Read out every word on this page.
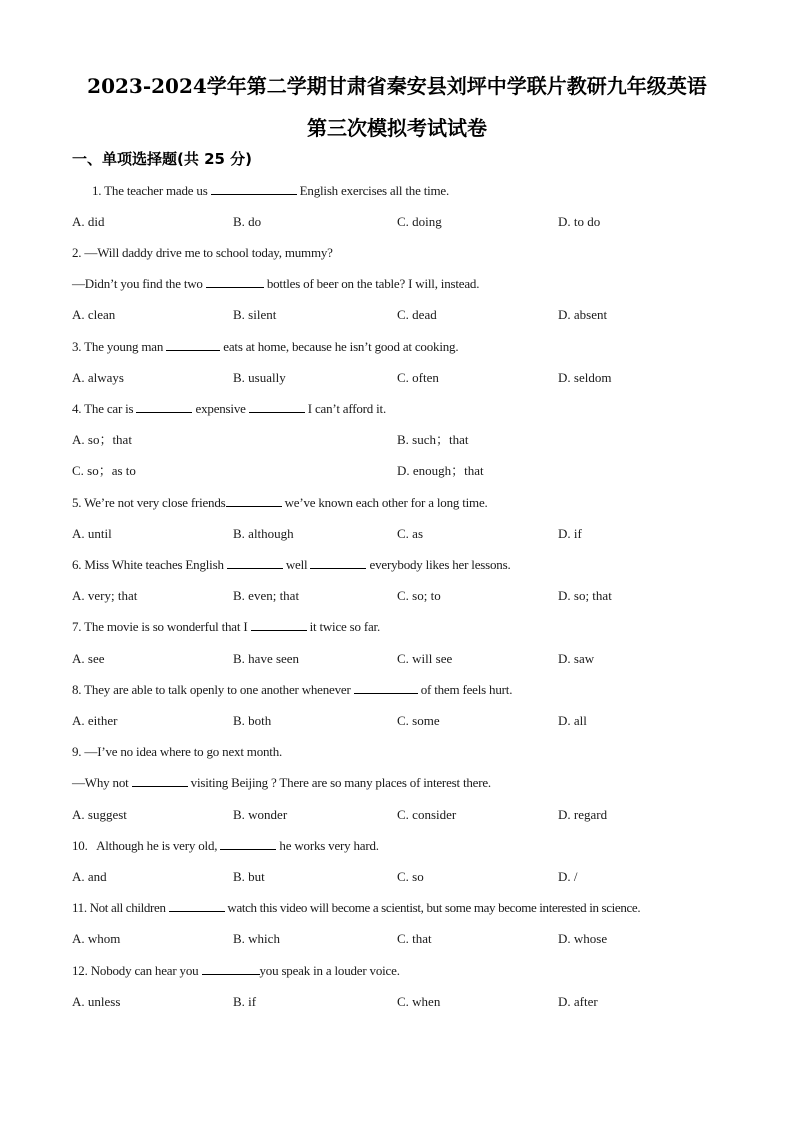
2023-2024学年第二学期甘肃省秦安县刘坪中学联片教研九年级英语
第三次模拟考试试卷
一、单项选择题(共 25 分)
1. The teacher made us	English exercises all the time.
A. did	B. do	C. doing	D. to do
2. —Will daddy drive me to school today, mummy?
—Didn’t you find the two	bottles of beer on the table? I will, instead.
A. clean	B. silent	C. dead	D. absent
3. The young man	eats at home, because he isn’t good at cooking.
A. always	B. usually	C. often	D. seldom
4. The car is	expensive	I can’t afford it.
A. so；that	B. such；that
C. so；as to	D. enough；that
5. We’re not very close friends	we’ve known each other for a long time.
A. until	B. although	C. as	D. if
6. Miss White teaches English	well	everybody likes her lessons.
A. very; that	B. even; that	C. so; to	D. so; that
7. The movie is so wonderful that I	it twice so far.
A. see	B. have seen	C. will see	D. saw
8. They are able to talk openly to one another whenever	of them feels hurt.
A. either	B. both	C. some	D. all
9. —I’ve no idea where to go next month.
—Why not	visiting Beijing ? There are so many places of interest there.
A. suggest	B. wonder	C. consider	D. regard
10.   Although he is very old,	he works very hard.
A. and	B. but	C. so	D. /
11. Not all children	watch this video will become a scientist, but some may become interested in science.
A. whom	B. which	C. that	D. whose
12. Nobody can hear you	you speak in a louder voice.
A. unless	B. if	C. when	D. after
